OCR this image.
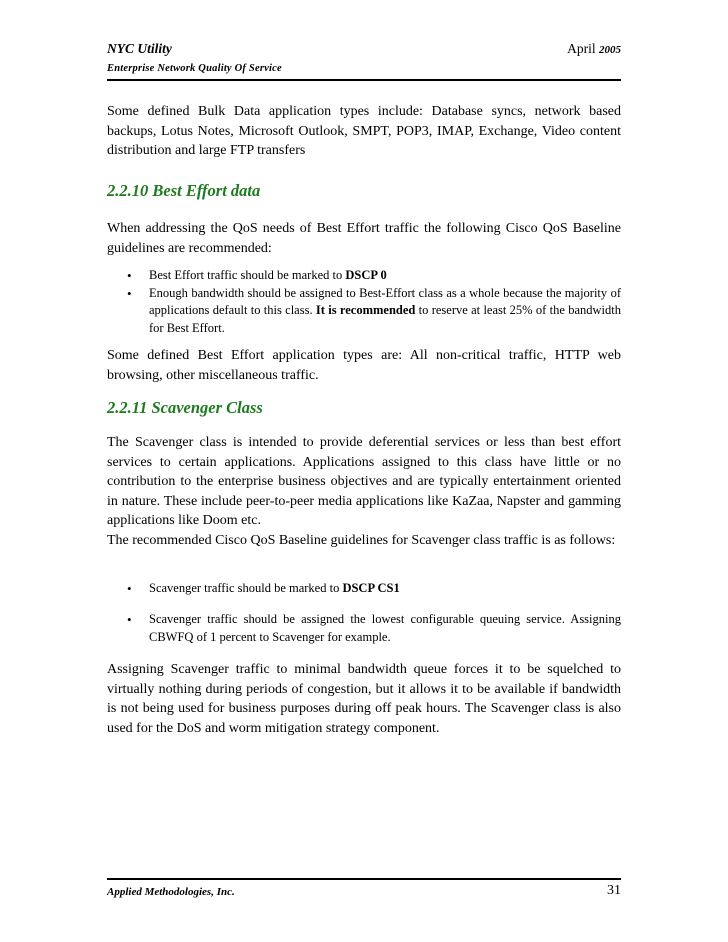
NYC Utility
Enterprise Network Quality Of Service
April 2005

Some defined Bulk Data application types include: Database syncs, network based backups, Lotus Notes, Microsoft Outlook, SMPT, POP3, IMAP, Exchange, Video content distribution and large FTP transfers

2.2.10 Best Effort data

When addressing the QoS needs of Best Effort traffic the following Cisco QoS Baseline guidelines are recommended:

• Best Effort traffic should be marked to DSCP 0

• Enough bandwidth should be assigned to Best-Effort class as a whole because the majority of applications default to this class. It is recommended to reserve at least 25% of the bandwidth for Best Effort.

Some defined Best Effort application types are: All non-critical traffic, HTTP web browsing, other miscellaneous traffic.

2.2.11 Scavenger Class

The Scavenger class is intended to provide deferential services or less than best effort services to certain applications. Applications assigned to this class have little or no contribution to the enterprise business objectives and are typically entertainment oriented in nature. These include peer-to-peer media applications like KaZaa, Napster and gamming applications like Doom etc.

The recommended Cisco QoS Baseline guidelines for Scavenger class traffic is as follows:

• Scavenger traffic should be marked to DSCP CS1

• Scavenger traffic should be assigned the lowest configurable queuing service. Assigning CBWFQ of 1 percent to Scavenger for example.

Assigning Scavenger traffic to minimal bandwidth queue forces it to be squelched to virtually nothing during periods of congestion, but it allows it to be available if bandwidth is not being used for business purposes during off peak hours. The Scavenger class is also used for the DoS and worm mitigation strategy component.

Applied Methodologies, Inc.	31
